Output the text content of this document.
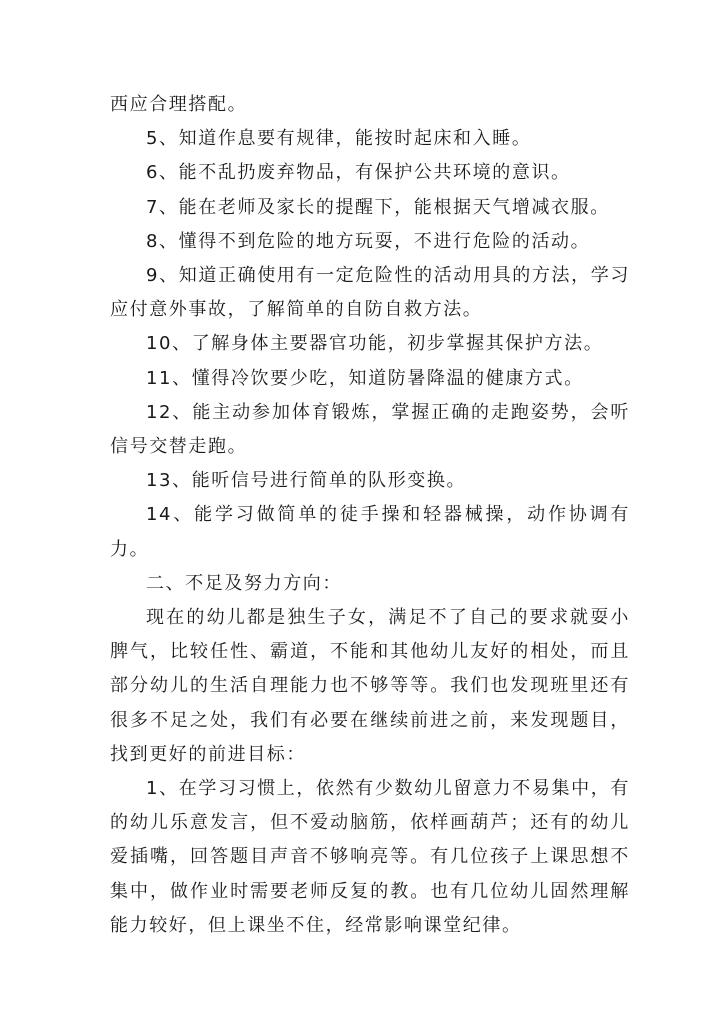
西应合理搭配。

5、知道作息要有规律，能按时起床和入睡。

6、能不乱扔废弃物品，有保护公共环境的意识。

7、能在老师及家长的提醒下，能根据天气增减衣服。

8、懂得不到危险的地方玩耍，不进行危险的活动。

9、知道正确使用有一定危险性的活动用具的方法，学习应付意外事故，了解简单的自防自救方法。

10、了解身体主要器官功能，初步掌握其保护方法。

11、懂得冷饮要少吃，知道防暑降温的健康方式。

12、能主动参加体育锻炼，掌握正确的走跑姿势，会听信号交替走跑。

13、能听信号进行简单的队形变换。

14、能学习做简单的徒手操和轻器械操，动作协调有力。

二、不足及努力方向：

现在的幼儿都是独生子女，满足不了自己的要求就耍小脾气，比较任性、霸道，不能和其他幼儿友好的相处，而且部分幼儿的生活自理能力也不够等等。我们也发现班里还有很多不足之处，我们有必要在继续前进之前，来发现题目，找到更好的前进目标：

1、在学习习惯上，依然有少数幼儿留意力不易集中，有的幼儿乐意发言，但不爱动脑筋，依样画葫芦；还有的幼儿爱插嘴，回答题目声音不够响亮等。有几位孩子上课思想不集中，做作业时需要老师反复的教。也有几位幼儿固然理解能力较好，但上课坐不住，经常影响课堂纪律。
